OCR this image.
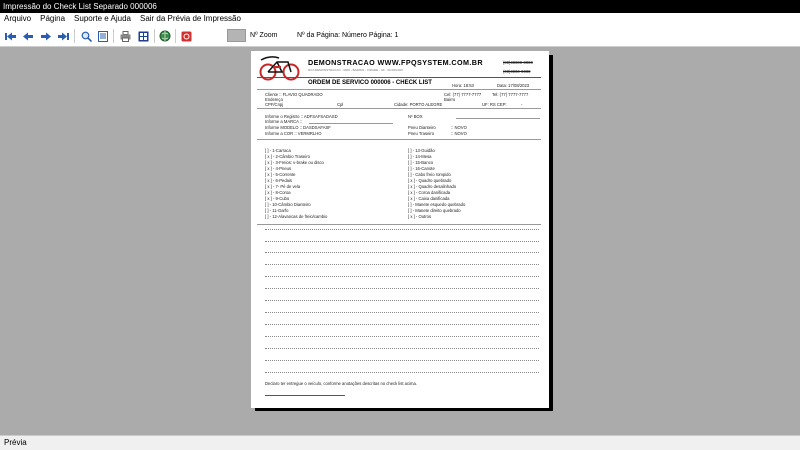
Impressão do Check List Separado 000006
Arquivo Página Suporte e Ajuda Sair da Prévia de Impressão
Nº Zoom	Nº da Página: Número Página: 1
DEMONSTRACAO WWW.FPQSYSTEM.COM.BR
RUA DEMONSTRACAO - 0000 - BAIRRO - CIDADE - UF - 00.000-000
(00)00000-0000
(00)0000-0000
ORDEM DE SERVICO 000006 - CHECK LIST	Hora: 18:53	Data: 17/08/2023
Cliente :: FLAVIO QUADRADO	Cel: (77) 7777-7777	Tel: (77) 7777-7777
Endereço	Bairro
CPF/Cnpj	Cpl	Cidade: PORTO ALEGRE	UF: RS CEP:	-
Informe o Registro :: ADFSAFSADASD	Nº BOX
Informe a MARCA ::
Informe MODELO :: DASDSAFASF	Pneu Dianteiro	:: NOVO
Informe a COR :: VERMRLHO	Pneu Traseiro	:: NOVO
[ ] - 1-Carraca
[ x ] - 2-Câmbio Traseiro
[ x ] - 3-Freios: v-brake ou disco
[ x ] - 4-Pneus
[ x ] - 5-Corrente
[ x ] - 6-Pedais
[ x ] - 7- Pé de vela
[ x ] - 8-Coroa
[ x ] - 9-Cubo
[ ] - 10-Câmbio Dianteiro
[ ] - 11-Garfo
[ ] - 12-Alavancas de freio/cambio
[ ] - 13-Guidão
[ ] - 14-Mesa
[ ] - 15-Banco
[ ] - 16-Canote
[ ] - Cabo freio rompido
[ x ] - Quadro quebrado
[ x ] - Quadro desalinhado
[ x ] - Coroa danificada
[ x ] - Caixa danificada
[ ] - Manete esquedo quebrado
[ ] - Manete direito quebrado
[ x ] - Outros
Declaro ter entregue o veículo, conforme anotações descritas no check list acima.
Prévia
